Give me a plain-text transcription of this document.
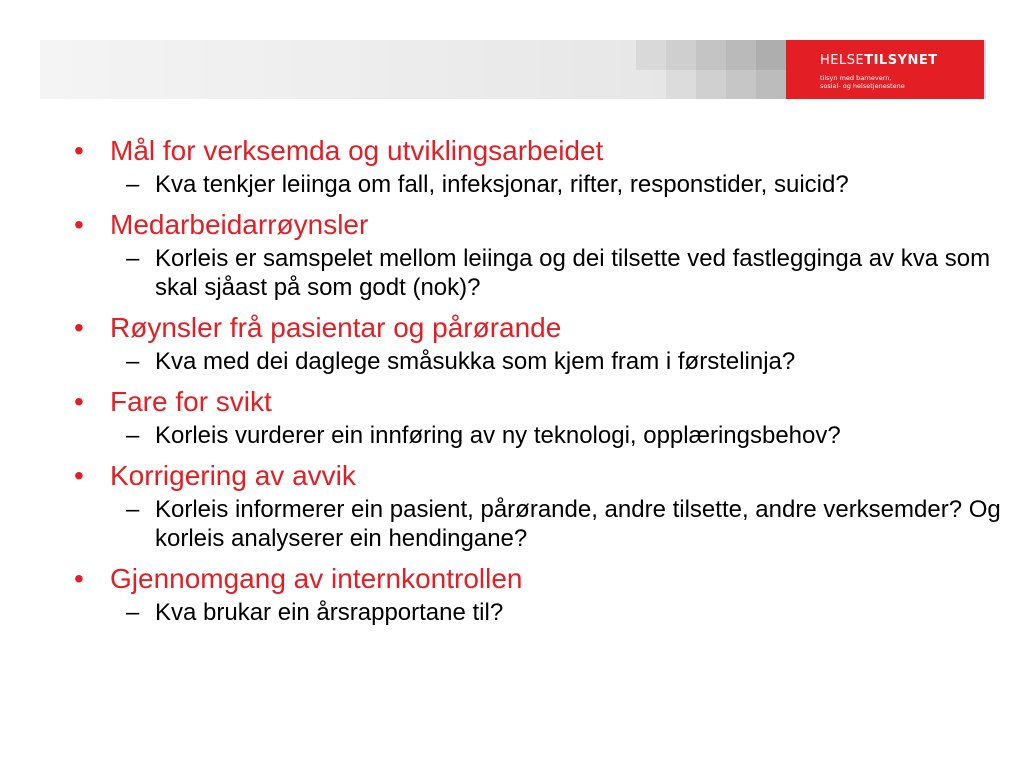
HELSETILSYNET
tilsyn med barnevern,
sosial- og helsetjenestene
• Mål for verksemda og utviklingsarbeidet
– Kva tenkjer leiinga om fall, infeksjonar, rifter, responstider, suicid?
• Medarbeidarrøynsler
– Korleis er samspelet mellom leiinga og dei tilsette ved fastlegginga av kva som skal sjåast på som godt (nok)?
• Røynsler frå pasientar og pårørande
– Kva med dei daglege småsukka som kjem fram i førstelinja?
• Fare for svikt
– Korleis vurderer ein innføring av ny teknologi, opplæringsbehov?
• Korrigering av avvik
– Korleis informerer ein pasient, pårørande, andre tilsette, andre verksemder? Og korleis analyserer ein hendingane?
• Gjennomgang av internkontrollen
– Kva brukar ein årsrapportane til?
